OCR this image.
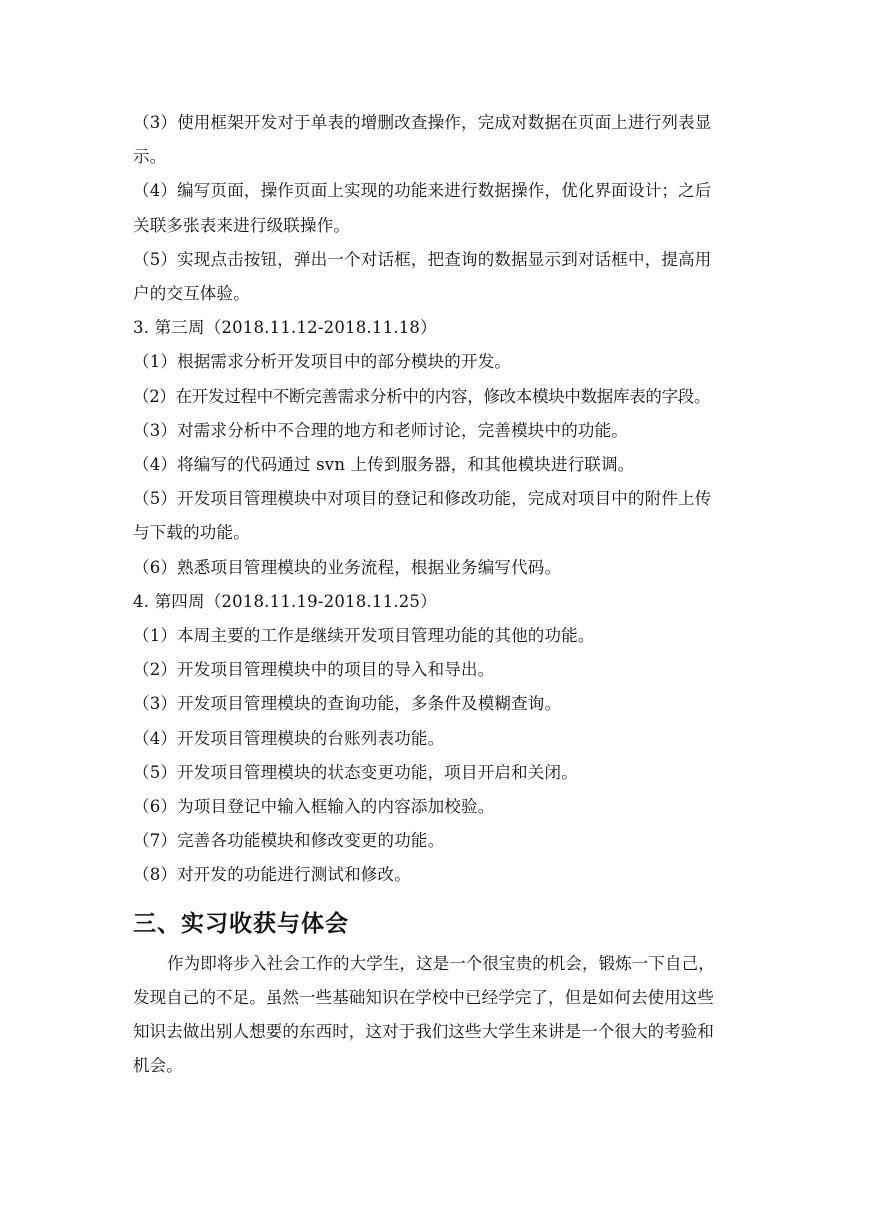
（3）使用框架开发对于单表的增删改查操作，完成对数据在页面上进行列表显
示。
（4）编写页面，操作页面上实现的功能来进行数据操作，优化界面设计；之后
关联多张表来进行级联操作。
（5）实现点击按钮，弹出一个对话框，把查询的数据显示到对话框中，提高用
户的交互体验。
3. 第三周（2018.11.12-2018.11.18）
（1）根据需求分析开发项目中的部分模块的开发。
（2）在开发过程中不断完善需求分析中的内容，修改本模块中数据库表的字段。
（3）对需求分析中不合理的地方和老师讨论，完善模块中的功能。
（4）将编写的代码通过 svn 上传到服务器，和其他模块进行联调。
（5）开发项目管理模块中对项目的登记和修改功能，完成对项目中的附件上传
与下载的功能。
（6）熟悉项目管理模块的业务流程，根据业务编写代码。
4. 第四周（2018.11.19-2018.11.25）
（1）本周主要的工作是继续开发项目管理功能的其他的功能。
（2）开发项目管理模块中的项目的导入和导出。
（3）开发项目管理模块的查询功能，多条件及模糊查询。
（4）开发项目管理模块的台账列表功能。
（5）开发项目管理模块的状态变更功能，项目开启和关闭。
（6）为项目登记中输入框输入的内容添加校验。
（7）完善各功能模块和修改变更的功能。
（8）对开发的功能进行测试和修改。
三、实习收获与体会
作为即将步入社会工作的大学生，这是一个很宝贵的机会，锻炼一下自己，
发现自己的不足。虽然一些基础知识在学校中已经学完了，但是如何去使用这些
知识去做出别人想要的东西时，这对于我们这些大学生来讲是一个很大的考验和
机会。
